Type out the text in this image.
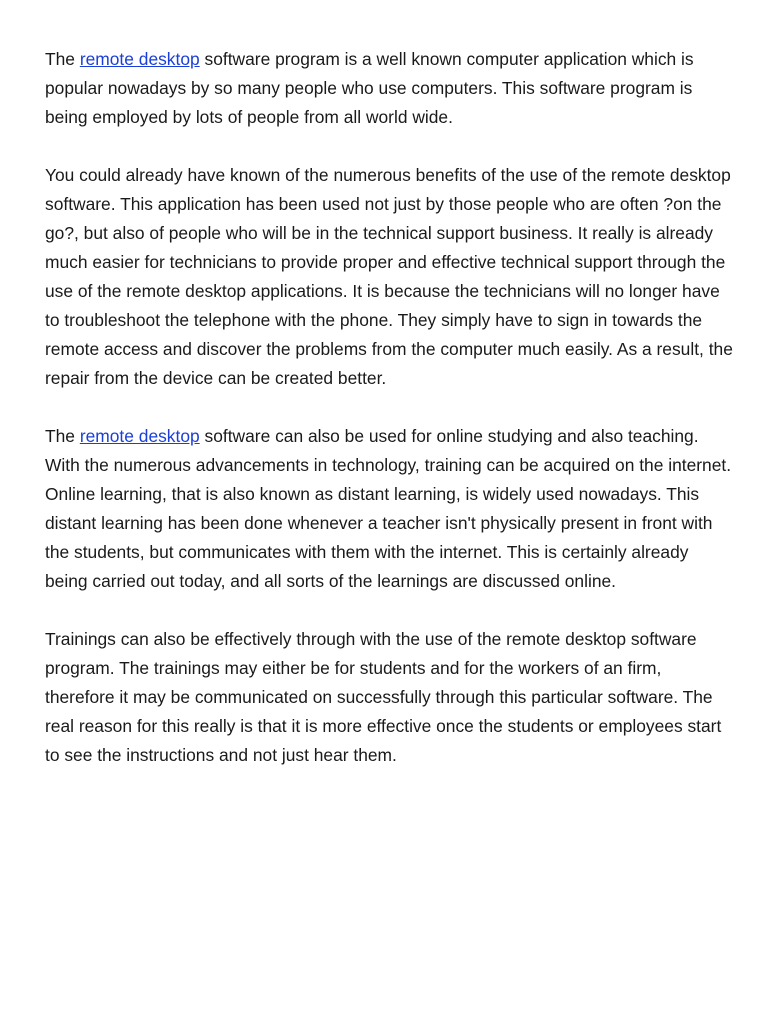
The remote desktop software program is a well known computer application which is popular nowadays by so many people who use computers. This software program is being employed by lots of people from all world wide.

You could already have known of the numerous benefits of the use of the remote desktop software. This application has been used not just by those people who are often ?on the go?, but also of people who will be in the technical support business. It really is already much easier for technicians to provide proper and effective technical support through the use of the remote desktop applications. It is because the technicians will no longer have to troubleshoot the telephone with the phone. They simply have to sign in towards the remote access and discover the problems from the computer much easily. As a result, the repair from the device can be created better.

The remote desktop software can also be used for online studying and also teaching. With the numerous advancements in technology, training can be acquired on the internet. Online learning, that is also known as distant learning, is widely used nowadays. This distant learning has been done whenever a teacher isn't physically present in front with the students, but communicates with them with the internet. This is certainly already being carried out today, and all sorts of the learnings are discussed online.

Trainings can also be effectively through with the use of the remote desktop software program. The trainings may either be for students and for the workers of an firm, therefore it may be communicated on successfully through this particular software. The real reason for this really is that it is more effective once the students or employees start to see the instructions and not just hear them.
